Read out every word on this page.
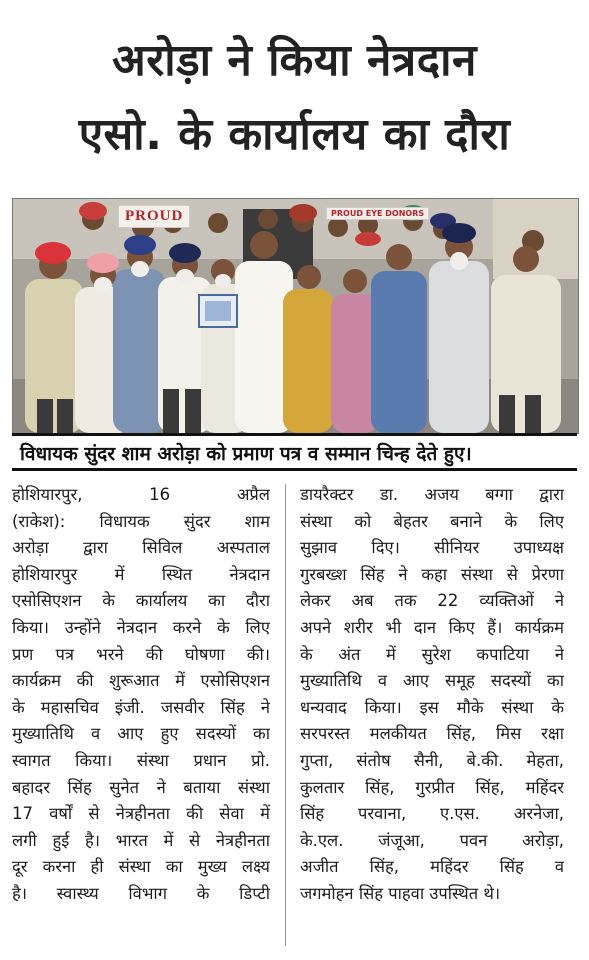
अरोड़ा ने किया नेत्रदान
एसो. के कार्यालय का दौरा
PROUD	PROUD EYE DONORS
विधायक सुंदर शाम अरोड़ा को प्रमाण पत्र व सम्मान चिन्ह देते हुए।
होशियारपुर, 16 अप्रैल
(राकेश): विधायक सुंदर शाम
अरोड़ा द्वारा सिविल अस्पताल
होशियारपुर में स्थित नेत्रदान
एसोसिएशन के कार्यालय का दौरा
किया। उन्होंने नेत्रदान करने के लिए
प्रण पत्र भरने की घोषणा की।
कार्यक्रम की शुरूआत में एसोसिएशन
के महासचिव इंजी. जसवीर सिंह ने
मुख्यातिथि व आए हुए सदस्यों का
स्वागत किया। संस्था प्रधान प्रो.
बहादर सिंह सुनेत ने बताया संस्था
17 वर्षों से नेत्रहीनता की सेवा में
लगी हुई है। भारत में से नेत्रहीनता
दूर करना ही संस्था का मुख्य लक्ष्य
है। स्वास्थ्य विभाग के डिप्टी
डायरैक्टर डा. अजय बग्गा द्वारा
संस्था को बेहतर बनाने के लिए
सुझाव दिए। सीनियर उपाध्यक्ष
गुरबख्श सिंह ने कहा संस्था से प्रेरणा
लेकर अब तक 22 व्यक्तिओं ने
अपने शरीर भी दान किए हैं। कार्यक्रम
के अंत में सुरेश कपाटिया ने
मुख्यातिथि व आए समूह सदस्यों का
धन्यवाद किया। इस मौके संस्था के
सरपरस्त मलकीयत सिंह, मिस रक्षा
गुप्ता, संतोष सैनी, बे.की. मेहता,
कुलतार सिंह, गुरप्रीत सिंह, महिंदर
सिंह परवाना, ए.एस. अरनेजा,
के.एल. जंजूआ, पवन अरोड़ा,
अजीत सिंह, महिंदर सिंह व
जगमोहन सिंह पाहवा उपस्थित थे।
